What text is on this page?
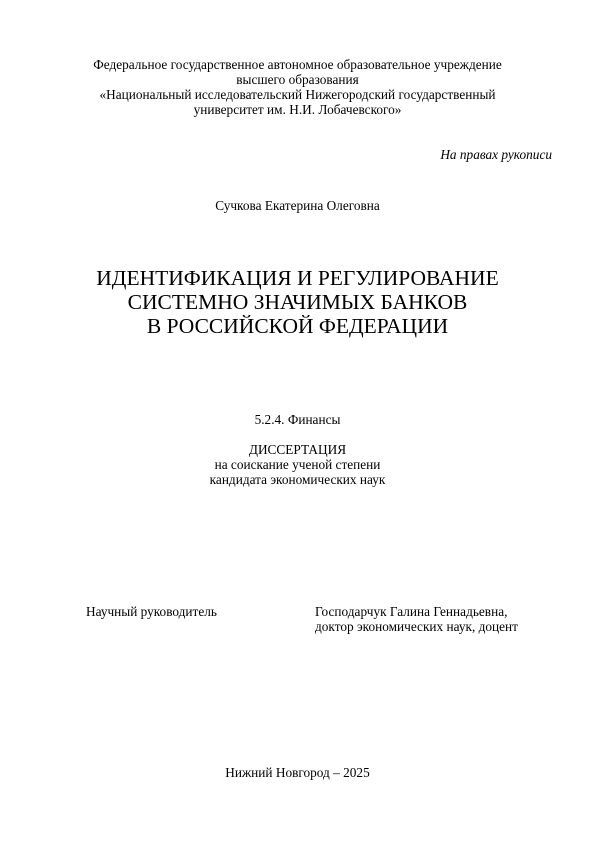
Федеральное государственное автономное образовательное учреждение
высшего образования
«Национальный исследовательский Нижегородский государственный
университет им. Н.И. Лобачевского»
На правах рукописи
Сучкова Екатерина Олеговна
ИДЕНТИФИКАЦИЯ И РЕГУЛИРОВАНИЕ
СИСТЕМНО ЗНАЧИМЫХ БАНКОВ
В РОССИЙСКОЙ ФЕДЕРАЦИИ
5.2.4. Финансы
ДИССЕРТАЦИЯ
на соискание ученой степени
кандидата экономических наук
Научный руководитель	Господарчук Галина Геннадьевна,
доктор экономических наук, доцент
Нижний Новгород – 2025
